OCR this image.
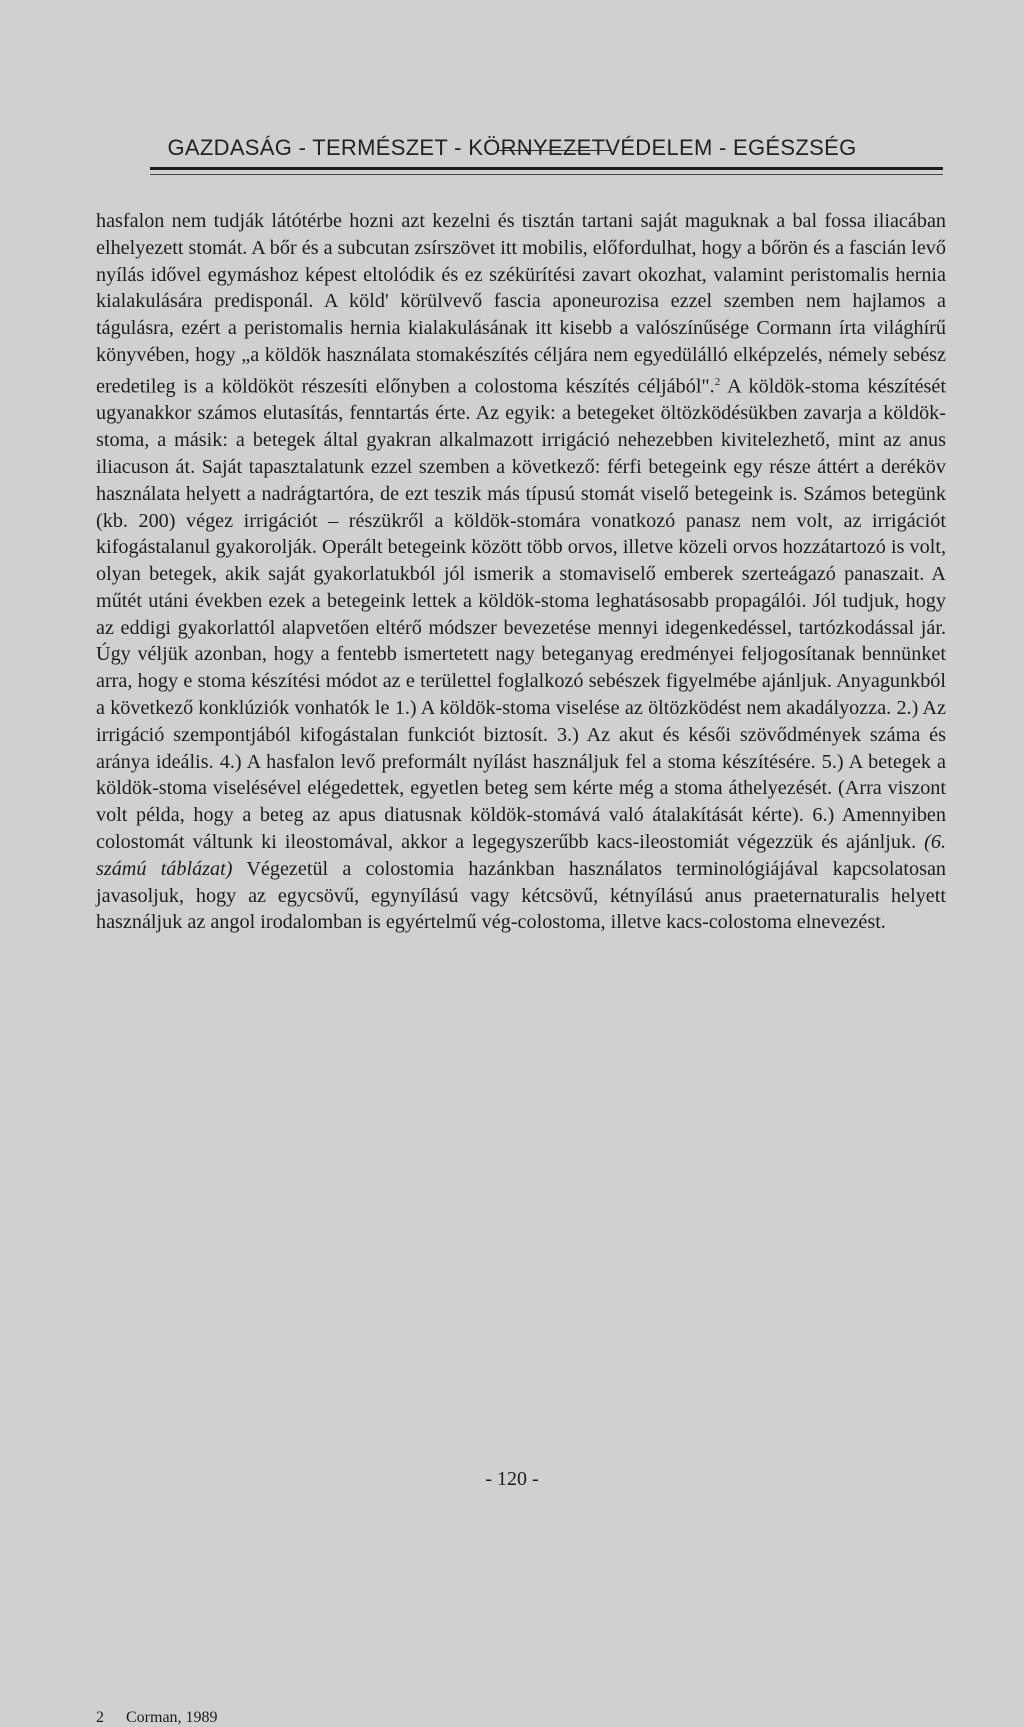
GAZDASÁG - TERMÉSZET - KÖRNYEZETVÉDELEM - EGÉSZSÉG

hasfalon nem tudják látótérbe hozni azt kezelni és tisztán tartani saját maguknak a bal fossa iliacában elhelyezett stomát. A bőr és a subcutan zsírszövet itt mobilis, előfordulhat, hogy a bőrön és a fascián levő nyílás idővel egymáshoz képest eltolódik és ez székürítési zavart okozhat, valamint peristomalis hernia kialakulására predisponál. A köld' körülvevő fascia aponeurozisa ezzel szemben nem hajlamos a tágulásra, ezért a peristomalis hernia kialakulásának itt kisebb a valószínűsége Cormann írta világhírű könyvében, hogy „a köldök használata stomakészítés céljára nem egyedülálló elképzelés, némely sebész eredetileg is a köldököt részesíti előnyben a colostoma készítés céljából".$^2$ A köldök-stoma készítését ugyanakkor számos elutasítás, fenntartás érte. Az egyik: a betegeket öltözködésükben zavarja a köldök-stoma, a másik: a betegek által gyakran alkalmazott irrigáció nehezebben kivitelezhető, mint az anus iliacuson át. Saját tapasztalatunk ezzel szemben a következő: férfi betegeink egy része áttért a deréköv használata helyett a nadrágtartóra, de ezt teszik más típusú stomát viselő betegeink is. Számos betegünk (kb. 200) végez irrigációt – részükről a köldök-stomára vonatkozó panasz nem volt, az irrigációt kifogástalanul gyakorolják. Operált betegeink között több orvos, illetve közeli orvos hozzátartozó is volt, olyan betegek, akik saját gyakorlatukból jól ismerik a stomaviselő emberek szerteágazó panaszait. A műtét utáni években ezek a betegeink lettek a köldök-stoma leghatásosabb propagálói. Jól tudjuk, hogy az eddigi gyakorlattól alapvetően eltérő módszer bevezetése mennyi idegenkedéssel, tartózkodással jár. Úgy véljük azonban, hogy a fentebb ismertetett nagy beteganyag eredményei feljogosítanak bennünket arra, hogy e stoma készítési módot az e területtel foglalkozó sebészek figyelmébe ajánljuk. Anyagunkból a következő konklúziók vonhatók le 1.) A köldök-stoma viselése az öltözködést nem akadályozza. 2.) Az irrigáció szempontjából kifogástalan funkciót biztosít. 3.) Az akut és késői szövődmények száma és aránya ideális. 4.) A hasfalon levő preformált nyílást használjuk fel a stoma készítésére. 5.) A betegek a köldök-stoma viselésével elégedettek, egyetlen beteg sem kérte még a stoma áthelyezését. (Arra viszont volt példa, hogy a beteg az apus diatusnak köldök-stomává való átalakítását kérte). 6.) Amennyiben colostomát váltunk ki ileostomával, akkor a legegyszerűbb kacs-ileostomiát végezzük és ajánljuk. (6. számú táblázat) Végezetül a colostomia hazánkban használatos terminológiájával kapcsolatosan javasoljuk, hogy az egycsövű, egynyílású vagy kétcsövű, kétnyílású anus praeternaturalis helyett használjuk az angol irodalomban is egyértelmű vég-colostoma, illetve kacs-colostoma elnevezést.

2 Corman, 1989

- 120 -
